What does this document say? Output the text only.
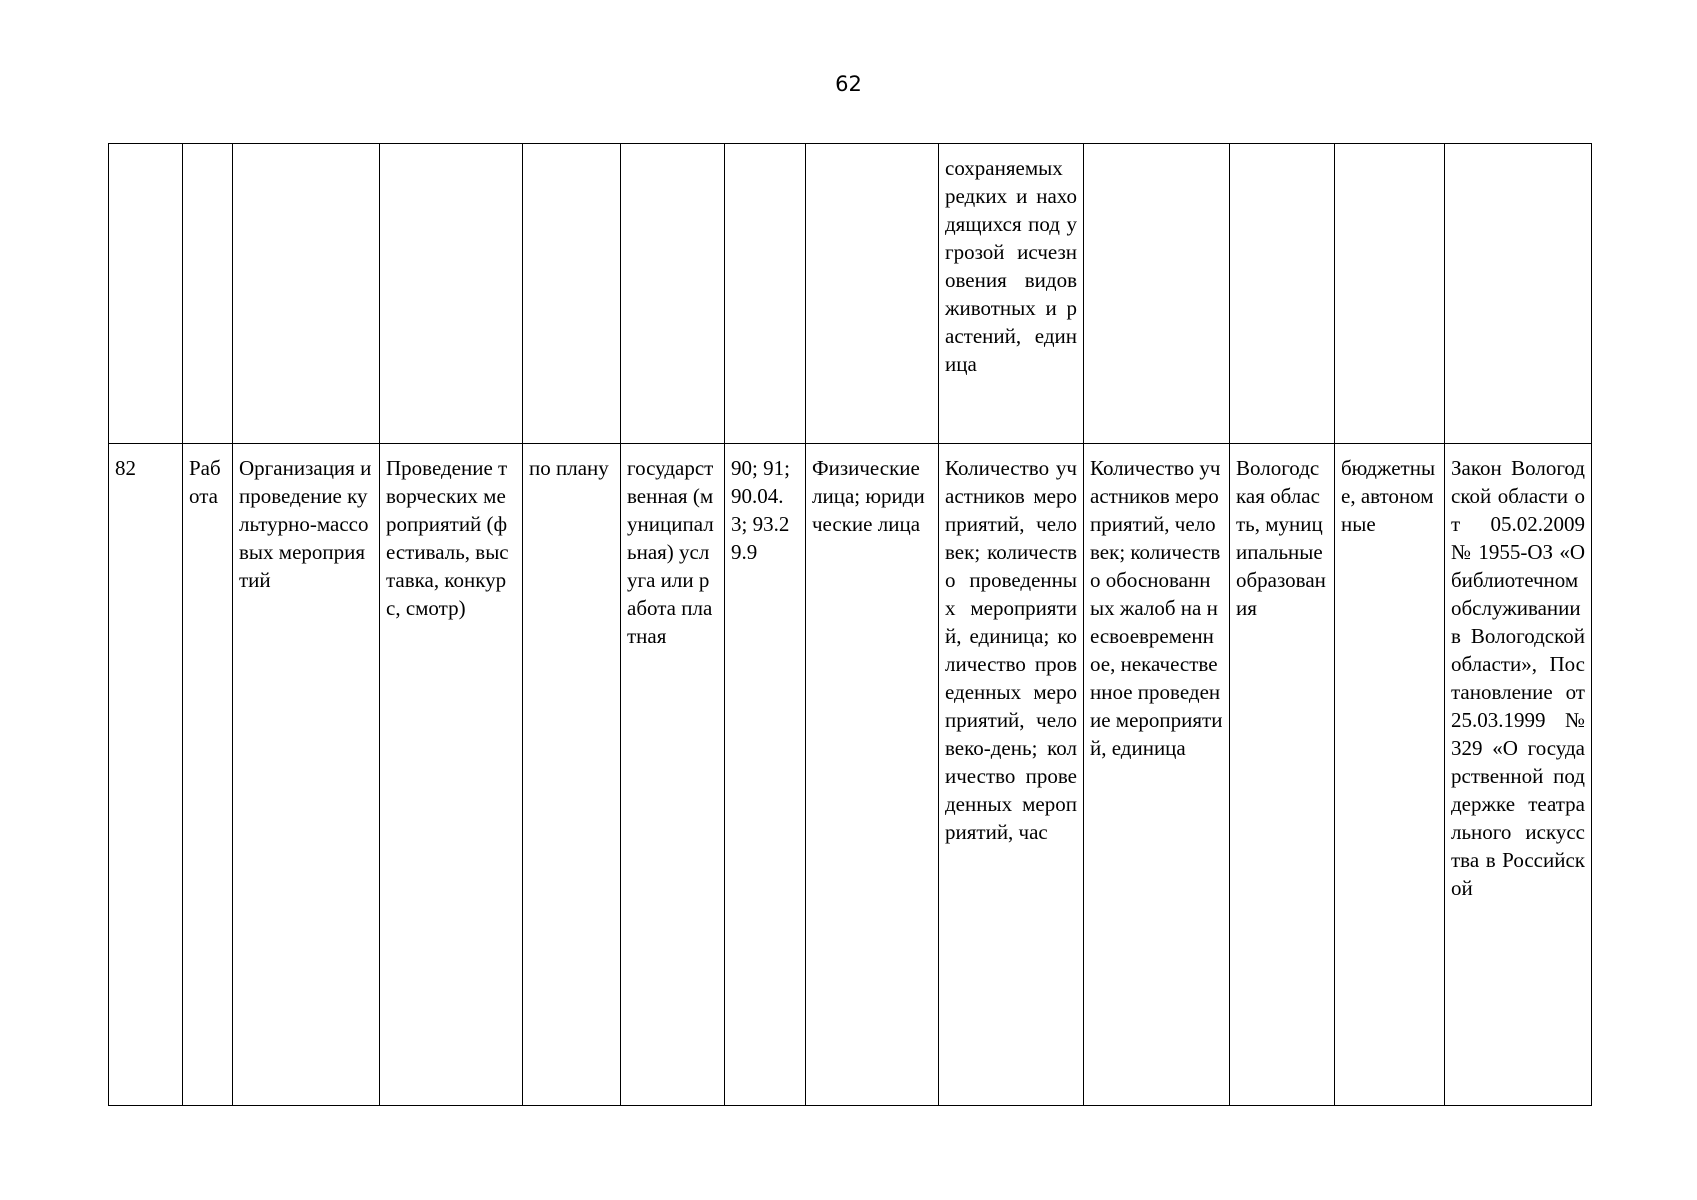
62
								сохраняемых редких и находящихся под угрозой исчезновения видов животных и растений, единица				
82	Работа	Организация и проведение культурно-массовых мероприятий	Проведение творческих мероприятий (фестиваль, выставка, конкурс, смотр)	по плану	государственная (муниципальная) услуга или работа платная	90; 91; 90.04.3; 93.29.9	Физические лица; юридические лица	Количество участников мероприятий, человек; количество проведенных мероприятий, единица; количество проведенных мероприятий, человеко-день; количество проведенных мероприятий, час	Количество участников мероприятий, человек; количество обоснованных жалоб на несвоевременное, некачественное проведение мероприятий, единица	Вологодская область, муниципальные образования	бюджетные, автономные	Закон Вологодской области от 05.02.2009 № 1955-ОЗ «О библиотечном обслуживании в Вологодской области», Постановление от 25.03.1999 № 329 «О государственной поддержке театрального искусства в Российской
